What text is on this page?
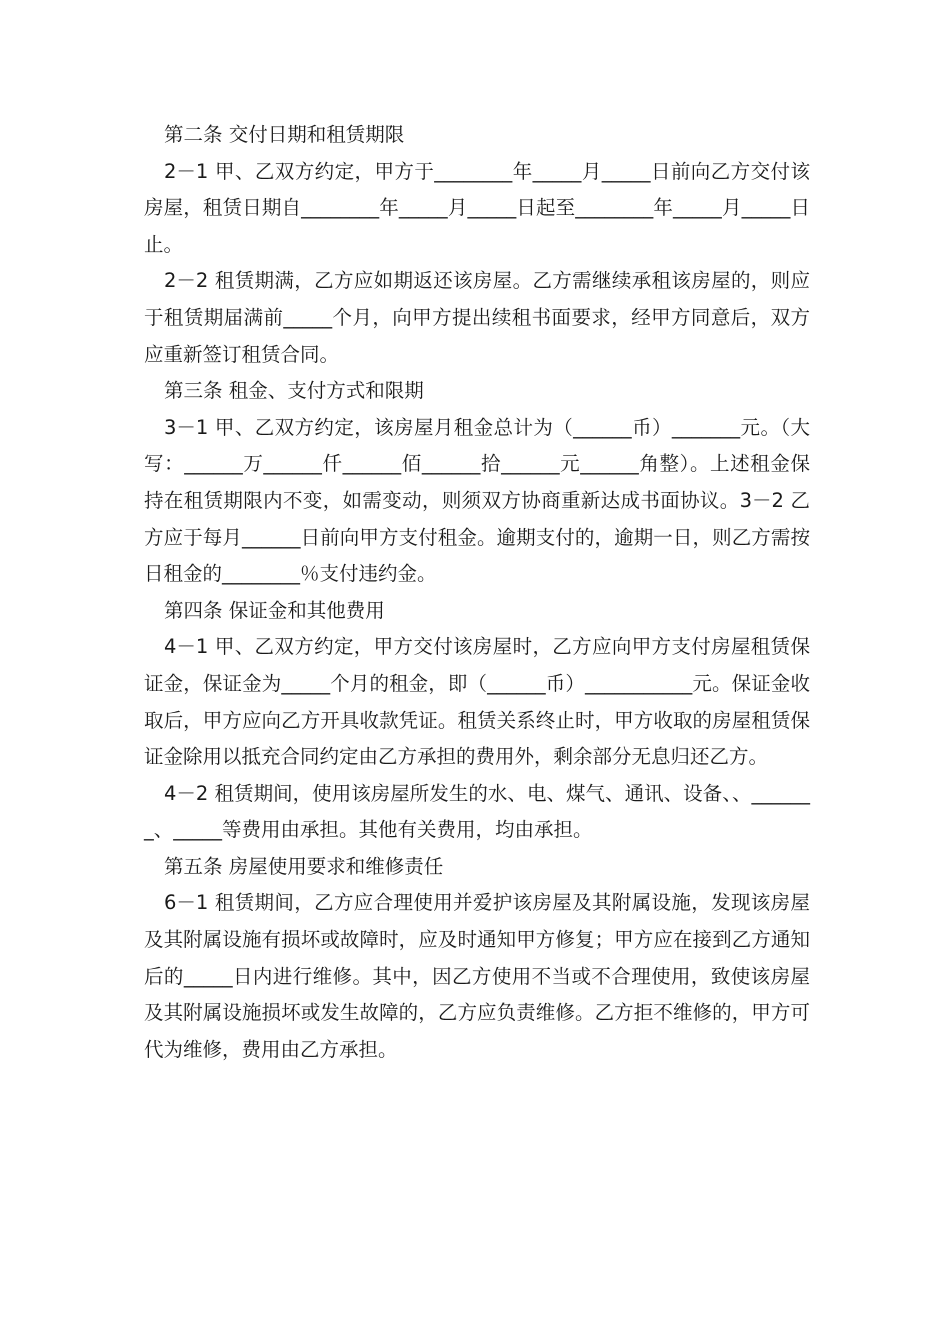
第二条 交付日期和租赁期限

2－1 甲、乙双方约定，甲方于________年_____月_____日前向乙方交付该房屋，租赁日期自________年_____月_____日起至________年_____月_____日止。

2－2 租赁期满，乙方应如期返还该房屋。乙方需继续承租该房屋的，则应于租赁期届满前_____个月，向甲方提出续租书面要求，经甲方同意后，双方应重新签订租赁合同。

第三条 租金、支付方式和限期

3－1 甲、乙双方约定，该房屋月租金总计为（______币）_______元。（大写：______万______仟______佰______拾______元______角整）。上述租金保持在租赁期限内不变，如需变动，则须双方协商重新达成书面协议。3－2 乙方应于每月______日前向甲方支付租金。逾期支付的，逾期一日，则乙方需按日租金的________％支付违约金。

第四条 保证金和其他费用

4－1 甲、乙双方约定，甲方交付该房屋时，乙方应向甲方支付房屋租赁保证金，保证金为_____个月的租金，即（______币）___________元。保证金收取后，甲方应向乙方开具收款凭证。租赁关系终止时，甲方收取的房屋租赁保证金除用以抵充合同约定由乙方承担的费用外，剩余部分无息归还乙方。

4－2 租赁期间，使用该房屋所发生的水、电、煤气、通讯、设备、、_______、_____等费用由承担。其他有关费用，均由承担。

第五条 房屋使用要求和维修责任

6－1 租赁期间，乙方应合理使用并爱护该房屋及其附属设施，发现该房屋及其附属设施有损坏或故障时，应及时通知甲方修复；甲方应在接到乙方通知后的_____日内进行维修。其中，因乙方使用不当或不合理使用，致使该房屋及其附属设施损坏或发生故障的，乙方应负责维修。乙方拒不维修的，甲方可代为维修，费用由乙方承担。
